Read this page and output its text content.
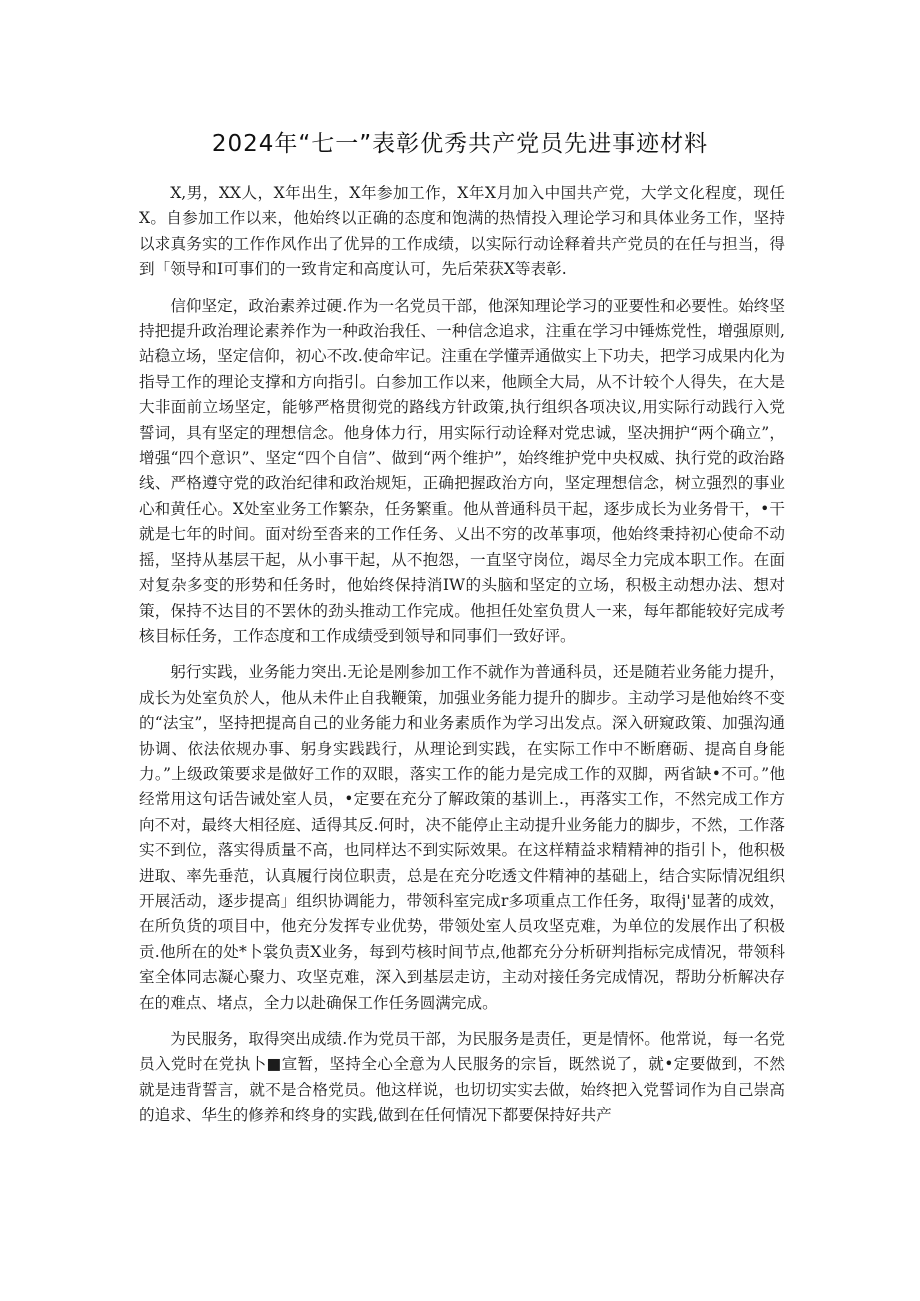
2024年“七一”表彰优秀共产党员先进事迹材料

X,男，XX人，X年出生，X年参加工作，X年X月加入中国共产党，大学文化程度，现任X。自参加工作以来，他始终以正确的态度和饱满的热情投入理论学习和具体业务工作，坚持以求真务实的工作作风作出了优异的工作成绩，以实际行动诠释着共产党员的在任与担当，得到「领导和I可事们的一致肯定和高度认可，先后荣获X等表彰.

信仰坚定，政治素养过硬.作为一名党员干部，他深知理论学习的亚要性和必要性。始终坚持把提升政治理论素养作为一种政治我任、一种信念追求，注重在学习中锤炼党性，增强原则,站稳立场，坚定信仰，初心不改.使命牢记。注重在学懂弄通做实上下功夫，把学习成果内化为指导工作的理论支撑和方向指引。白参加工作以来，他顾全大局，从不计较个人得失，在大是大非面前立场坚定，能够严格贯彻党的路线方针政策,执行组织各项决议,用实际行动践行入党誓词，具有坚定的理想信念。他身体力行，用实际行动诠释对党忠诚，坚决拥护“两个确立”，增强“四个意识”、坚定“四个自信”、做到“两个维护”，始终维护党中央权威、执行党的政治路线、严格遵守党的政治纪律和政治规矩，正确把握政治方向，坚定理想信念，树立强烈的事业心和黄任心。X处室业务工作繁杂，任务繁重。他从普通科员干起，逐步成长为业务骨干，•干就是七年的时间。面对纷至沓来的工作任务、乂出不穷的改革事项，他始终秉持初心使命不动摇，坚持从基层干起，从小事干起，从不抱怨，一直坚守岗位，竭尽全力完成本职工作。在面对复杂多变的形势和任务时，他始终保持消IW的头脑和坚定的立场，积极主动想办法、想对策，保持不达目的不罢休的劲头推动工作完成。他担任处室负贯人一来，每年都能较好完成考核目标任务，工作态度和工作成绩受到领导和同事们一致好评。

躬行实践，业务能力突出.无论是刚参加工作不就作为普通科员，还是随若业务能力提升，成长为处室负於人，他从未件止自我鞭策，加强业务能力提升的脚步。主动学习是他始终不变的“法宝”，坚持把提高自己的业务能力和业务素质作为学习出发点。深入研窥政策、加强沟通协调、依法依规办事、躬身实践践行，从理论到实践，在实际工作中不断磨砺、提高自身能力。”上级政策要求是做好工作的双眼，落实工作的能力是完成工作的双脚，两省缺•不可。”他经常用这句话告诫处室人员，•定要在充分了解政策的基训上.，再落实工作，不然完成工作方向不对，最终大相径庭、适得其反.何时，决不能停止主动提升业务能力的脚步，不然，工作落实不到位，落实得质量不高，也同样达不到实际效果。在这样精益求精精神的指引卜，他积极进取、率先垂范，认真履行岗位职责，总是在充分吃透文件精神的基础上，结合实际情况组织开展活动，逐步提高」组织协调能力，带领科室完成r多项重点工作任务，取得j'显著的成效，在所负货的项目中，他充分发挥专业优势，带领处室人员攻坚克难，为单位的发展作出了积极贡.他所在的处*卜裳负责X业务，每到芍核时间节点,他都充分分析研判指标完成情况，带领科室全体同志凝心聚力、攻坚克难，深入到基层走访，主动对接任务完成情况，帮助分析解决存在的难点、堵点，全力以赴确保工作任务圆满完成。

为民服务，取得突出成绩.作为党员干部，为民服务是责任，更是情怀。他常说，每一名党员入党时在党执卜■宣暂，坚持全心全意为人民服务的宗旨，既然说了，就•定要做到，不然就是违背誓言，就不是合格党员。他这样说，也切切实实去做，始终把入党誓词作为自己崇高的追求、华生的修养和终身的实践,做到在任何情况下都要保持好共产
